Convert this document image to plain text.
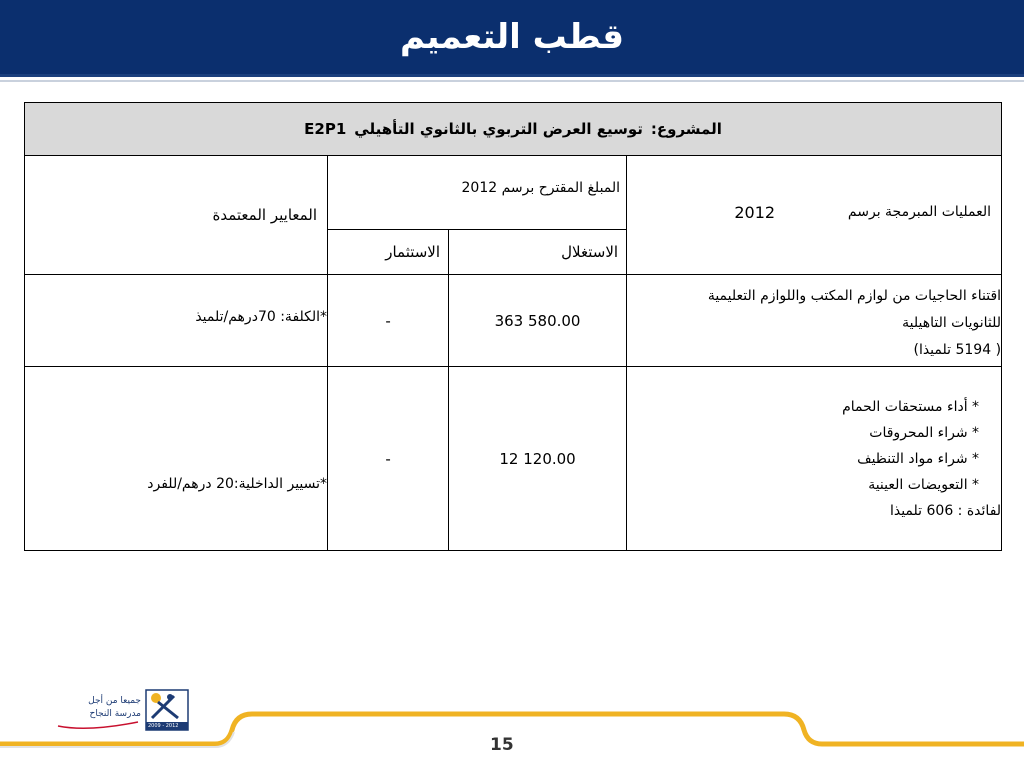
قطب التعميم
المشروع:
توسيع العرض التربوي بالثانوي التأهيلي
E2P1			

العمليات المبرمجة برسم
2012	المبلغ المقترح برسم 2012		المعايير المعتمدة
	الاستغلال	الاستثمار	

اقتناء الحاجيات من لوازم المكتب واللوازم التعليمية
للثانويات التاهيلية
( 5194 تلميذا)	363 580.00	-	*الكلفة: 70درهم/تلميذ

* أداء مستحقات الحمام
* شراء المحروقات
* شراء مواد التنظيف
* التعويضات العينية
لفائدة : 606 تلميذا	12 120.00	-	*تسيير الداخلية:20 درهم/للفرد
جميعا من أجل
مدرسة النجاح
2009 - 2012
15
